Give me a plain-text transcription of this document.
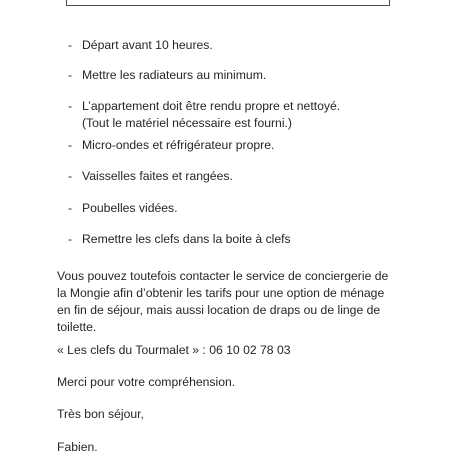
- Départ avant 10 heures.
- Mettre les radiateurs au minimum.
- L’appartement doit être rendu propre et nettoyé.
(Tout le matériel nécessaire est fourni.)
- Micro-ondes et réfrigérateur propre.
- Vaisselles faites et rangées.
- Poubelles vidées.
- Remettre les clefs dans la boite à clefs
Vous pouvez toutefois contacter le service de conciergerie de
la Mongie afin d’obtenir les tarifs pour une option de ménage
en fin de séjour, mais aussi location de draps ou de linge de
toilette.
« Les clefs du Tourmalet » : 06 10 02 78 03
Merci pour votre compréhension.
Très bon séjour,
Fabien.
